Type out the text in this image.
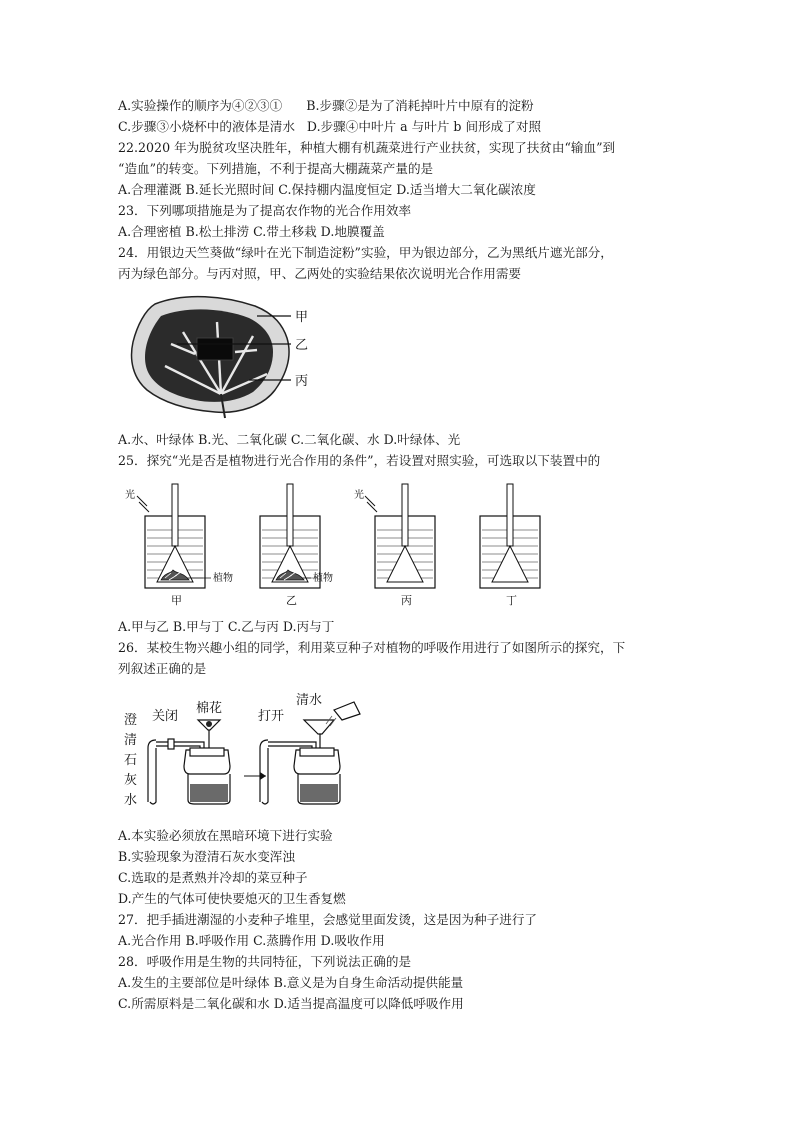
A.实验操作的顺序为④②③①      B.步骤②是为了消耗掉叶片中原有的淀粉
C.步骤③小烧杯中的液体是清水   D.步骤④中叶片 a 与叶片 b 间形成了对照
22.2020 年为脱贫攻坚决胜年，种植大棚有机蔬菜进行产业扶贫，实现了扶贫由“输血”到
“造血”的转变。下列措施，不利于提高大棚蔬菜产量的是
A.合理灌溉 B.延长光照时间 C.保持棚内温度恒定 D.适当增大二氧化碳浓度
23．下列哪项措施是为了提高农作物的光合作用效率
A.合理密植 B.松土排涝 C.带土移栽 D.地膜覆盖
24．用银边天竺葵做“绿叶在光下制造淀粉”实验，甲为银边部分，乙为黑纸片遮光部分，
丙为绿色部分。与丙对照，甲、乙两处的实验结果依次说明光合作用需要
甲
乙
丙
A.水、叶绿体 B.光、二氧化碳 C.二氧化碳、水 D.叶绿体、光
25．探究“光是否是植物进行光合作用的条件”，若设置对照实验，可选取以下装置中的
光
植物
甲
植物
乙
光
丙	丁
A.甲与乙 B.甲与丁 C.乙与丙 D.丙与丁
26．某校生物兴趣小组的同学，利用菜豆种子对植物的呼吸作用进行了如图所示的探究，下
列叙述正确的是
澄
清
石
灰
水
关闭
棉花
打开
清水
A.本实验必须放在黑暗环境下进行实验
B.实验现象为澄清石灰水变浑浊
C.选取的是煮熟并冷却的菜豆种子
D.产生的气体可使快要熄灭的卫生香复燃
27．把手插进潮湿的小麦种子堆里，会感觉里面发烫，这是因为种子进行了
A.光合作用 B.呼吸作用 C.蒸腾作用 D.吸收作用
28．呼吸作用是生物的共同特征，下列说法正确的是
A.发生的主要部位是叶绿体 B.意义是为自身生命活动提供能量
C.所需原料是二氧化碳和水 D.适当提高温度可以降低呼吸作用
